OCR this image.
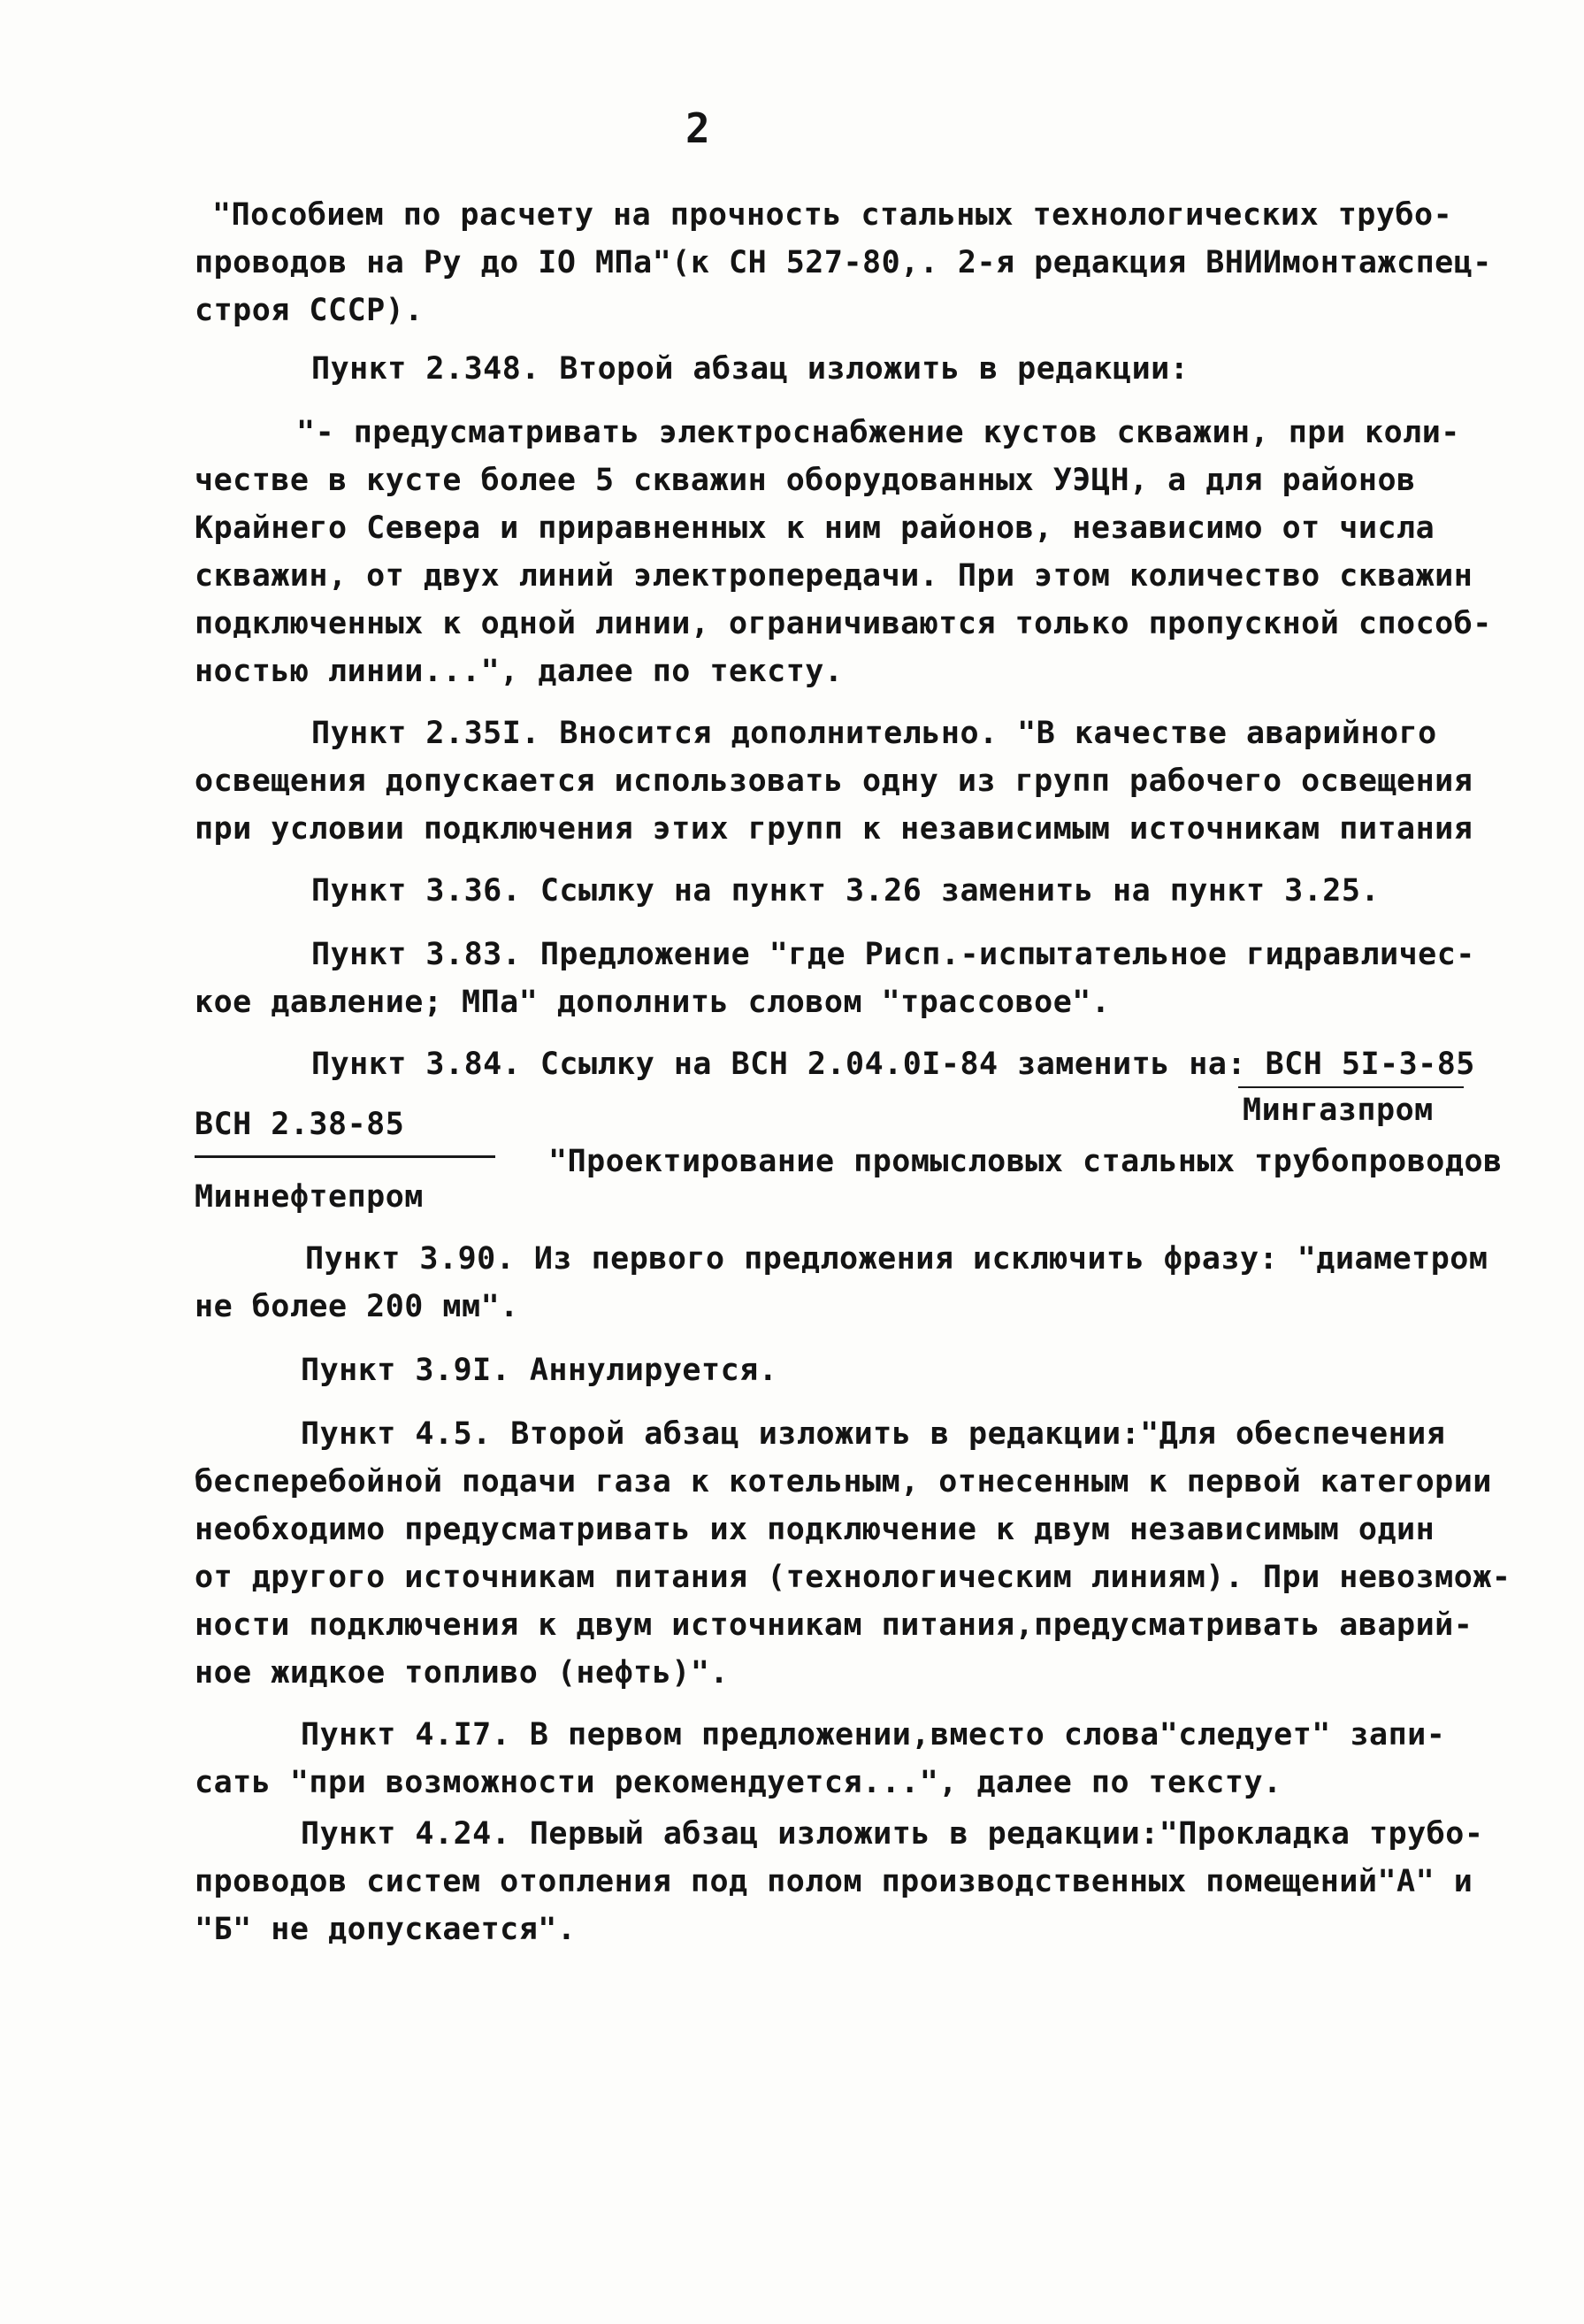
2
"Пособием по расчету на прочность стальных технологических трубо-
проводов на Ру до IO МПа"(к СН 527-80,. 2-я редакция ВНИИмонтажспец-
строя СССР).
Пункт 2.348. Второй абзац изложить в редакции:
"- предусматривать электроснабжение кустов скважин, при коли-
честве в кусте более 5 скважин оборудованных УЭЦН, а для районов
Крайнего Севера и приравненных к ним районов, независимо от числа
скважин, от двух линий электропередачи. При этом количество скважин
подключенных к одной линии, ограничиваются только пропускной способ-
ностью линии...", далее по тексту.
Пункт 2.35I. Вносится дополнительно. "В качестве аварийного
освещения допускается использовать одну из групп рабочего освещения
при условии подключения этих групп к независимым источникам питания
Пункт 3.36. Ссылку на пункт 3.26 заменить на пункт 3.25.
Пункт 3.83. Предложение "где Рисп.-испытательное гидравличес-
кое давление; МПа" дополнить словом "трассовое".
Пункт 3.84. Ссылку на ВСН 2.04.0I-84 заменить на: ВСН 5I-3-85
Мингазпром
ВСН 2.38-85
"Проектирование промысловых стальных трубопроводов
Миннефтепром
Пункт 3.90. Из первого предложения исключить фразу: "диаметром
не более 200 мм".
Пункт 3.9I. Аннулируется.
Пункт 4.5. Второй абзац изложить в редакции:"Для обеспечения
бесперебойной подачи газа к котельным, отнесенным к первой категории
необходимо предусматривать их подключение к двум независимым один
от другого источникам питания (технологическим линиям). При невозмож-
ности подключения к двум источникам питания,предусматривать аварий-
ное жидкое топливо (нефть)".
Пункт 4.I7. В первом предложении,вместо слова"следует" запи-
сать "при возможности рекомендуется...", далее по тексту.
Пункт 4.24. Первый абзац изложить в редакции:"Прокладка трубо-
проводов систем отопления под полом производственных помещений"А" и
"Б" не допускается".
